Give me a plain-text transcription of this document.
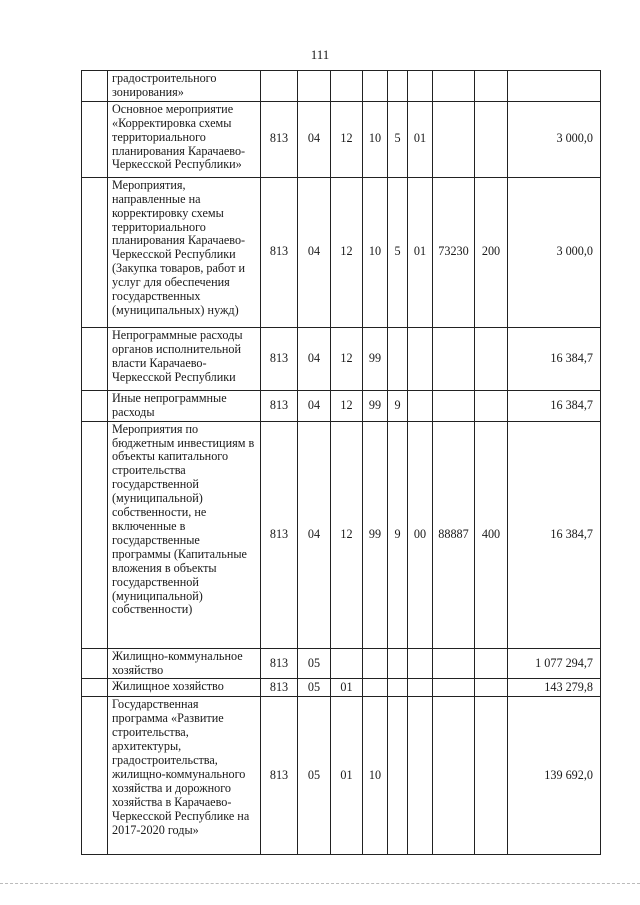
111
	градостроительного зонирования»									
	Основное мероприятие «Корректировка схемы территориального планирования Карачаево-Черкесской Республики»	813	04	12	10	5	01			3 000,0
	Мероприятия, направленные на корректировку схемы территориального планирования Карачаево-Черкесской Республики (Закупка товаров, работ и услуг для обеспечения государственных (муниципальных) нужд)	813	04	12	10	5	01	73230	200	3 000,0
	Непрограммные расходы органов исполнительной власти Карачаево-Черкесской Республики	813	04	12	99					16 384,7
	Иные непрограммные расходы	813	04	12	99	9				16 384,7
	Мероприятия по бюджетным инвестициям в объекты капитального строительства государственной (муниципальной) собственности, не включенные в государственные программы (Капитальные вложения в объекты государственной (муниципальной) собственности)	813	04	12	99	9	00	88887	400	16 384,7
	Жилищно-коммунальное хозяйство	813	05							1 077 294,7
	Жилищное хозяйство	813	05	01						143 279,8
	Государственная программа «Развитие строительства, архитектуры, градостроительства, жилищно-коммунального хозяйства и дорожного хозяйства в Карачаево-Черкесской Республике на 2017-2020 годы»	813	05	01	10					139 692,0
